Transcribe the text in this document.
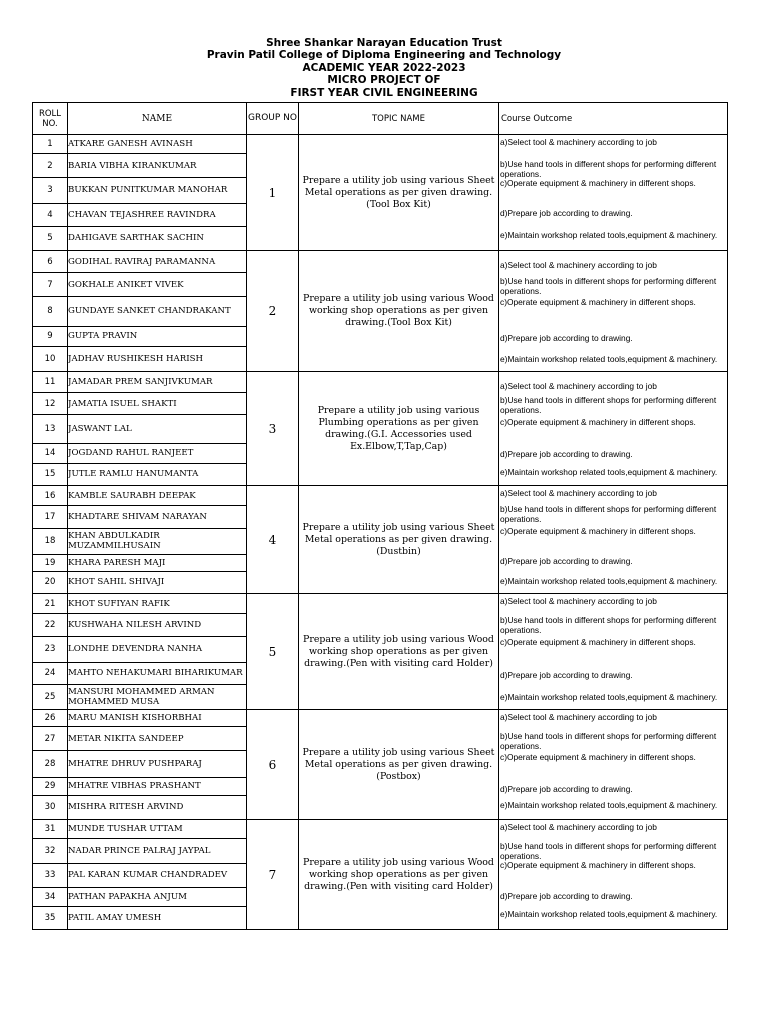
Shree Shankar Narayan Education Trust
Pravin Patil College of Diploma Engineering and Technology
ACADEMIC YEAR 2022-2023
MICRO PROJECT OF
FIRST YEAR CIVIL ENGINEERING
ROLL NO.	NAME	GROUP NO	TOPIC NAME	Course Outcome
1	ATKARE GANESH AVINASH	1	Prepare a utility job using various Sheet Metal operations as per given drawing.(Tool Box Kit)	a)Select tool & machinery according to job
b)Use hand tools in different shops for performing different operations.
c)Operate equipment & machinery in different shops.
d)Prepare job according to drawing.
e)Maintain workshop related tools,equipment & machinery.

2	BARIA VIBHA KIRANKUMAR			
3	BUKKAN PUNITKUMAR MANOHAR			
4	CHAVAN TEJASHREE RAVINDRA			
5	DAHIGAVE SARTHAK SACHIN			
6	GODIHAL RAVIRAJ PARAMANNA	2	Prepare a utility job using various Wood working shop operations as per given drawing.(Tool Box Kit)	a)Select tool & machinery according to job
b)Use hand tools in different shops for performing different operations.
c)Operate equipment & machinery in different shops.
d)Prepare job according to drawing.
e)Maintain workshop related tools,equipment & machinery.

7	GOKHALE ANIKET VIVEK			
8	GUNDAYE SANKET CHANDRAKANT			
9	GUPTA PRAVIN			
10	JADHAV RUSHIKESH HARISH			
11	JAMADAR PREM SANJIVKUMAR	3	Prepare a utility job using various Plumbing operations as per given drawing.(G.I. Accessories used Ex.Elbow,T,Tap,Cap)	a)Select tool & machinery according to job
b)Use hand tools in different shops for performing different operations.
c)Operate equipment & machinery in different shops.
d)Prepare job according to drawing.
e)Maintain workshop related tools,equipment & machinery.

12	JAMATIA ISUEL SHAKTI			
13	JASWANT LAL			
14	JOGDAND RAHUL RANJEET			
15	JUTLE RAMLU HANUMANTA			
16	KAMBLE SAURABH DEEPAK	4	Prepare a utility job using various Sheet Metal operations as per given drawing.(Dustbin)	a)Select tool & machinery according to job
b)Use hand tools in different shops for performing different operations.
c)Operate equipment & machinery in different shops.
d)Prepare job according to drawing.
e)Maintain workshop related tools,equipment & machinery.

17	KHADTARE SHIVAM NARAYAN			
18	KHAN ABDULKADIR MUZAMMILHUSAIN			
19	KHARA PARESH MAJI			
20	KHOT SAHIL SHIVAJI			
21	KHOT SUFIYAN RAFIK	5	Prepare a utility job using various Wood working shop operations as per given drawing.(Pen with visiting card Holder)	a)Select tool & machinery according to job
b)Use hand tools in different shops for performing different operations.
c)Operate equipment & machinery in different shops.
d)Prepare job according to drawing.
e)Maintain workshop related tools,equipment & machinery.

22	KUSHWAHA NILESH ARVIND			
23	LONDHE DEVENDRA NANHA			
24	MAHTO NEHAKUMARI BIHARIKUMAR			
25	MANSURI MOHAMMED ARMAN MOHAMMED MUSA			
26	MARU MANISH KISHORBHAI	6	Prepare a utility job using various Sheet Metal operations as per given drawing.(Postbox)	a)Select tool & machinery according to job
b)Use hand tools in different shops for performing different operations.
c)Operate equipment & machinery in different shops.
d)Prepare job according to drawing.
e)Maintain workshop related tools,equipment & machinery.

27	METAR NIKITA SANDEEP			
28	MHATRE DHRUV PUSHPARAJ			
29	MHATRE VIBHAS PRASHANT			
30	MISHRA RITESH ARVIND			
31	MUNDE TUSHAR UTTAM	7	Prepare a utility job using various Wood working shop operations as per given drawing.(Pen with visiting card Holder)	a)Select tool & machinery according to job
b)Use hand tools in different shops for performing different operations.
c)Operate equipment & machinery in different shops.
d)Prepare job according to drawing.
e)Maintain workshop related tools,equipment & machinery.

32	NADAR PRINCE PALRAJ JAYPAL			
33	PAL KARAN KUMAR CHANDRADEV			
34	PATHAN PAPAKHA ANJUM			
35	PATIL AMAY UMESH			
